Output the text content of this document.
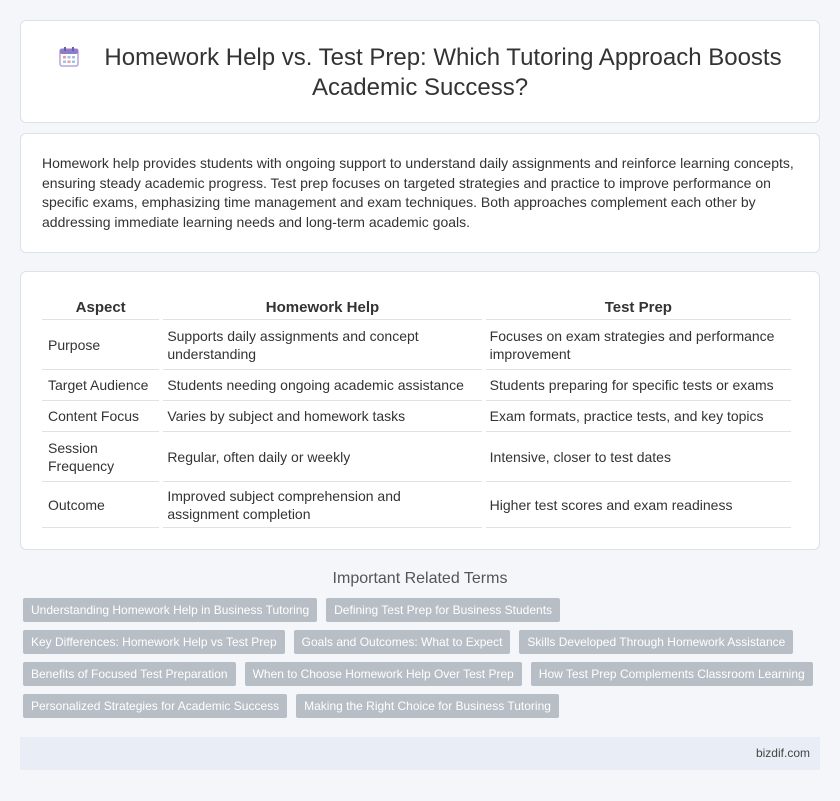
Homework Help vs. Test Prep: Which Tutoring Approach Boosts Academic Success?

Homework help provides students with ongoing support to understand daily assignments and reinforce learning concepts, ensuring steady academic progress. Test prep focuses on targeted strategies and practice to improve performance on specific exams, emphasizing time management and exam techniques. Both approaches complement each other by addressing immediate learning needs and long-term academic goals.

Aspect	Homework Help	Test Prep
Purpose	Supports daily assignments and concept understanding	Focuses on exam strategies and performance improvement
Target Audience	Students needing ongoing academic assistance	Students preparing for specific tests or exams
Content Focus	Varies by subject and homework tasks	Exam formats, practice tests, and key topics
Session Frequency	Regular, often daily or weekly	Intensive, closer to test dates
Outcome	Improved subject comprehension and assignment completion	Higher test scores and exam readiness
Important Related Terms
Understanding Homework Help in Business Tutoring	Defining Test Prep for Business Students
Key Differences: Homework Help vs Test Prep	Goals and Outcomes: What to Expect	Skills Developed Through Homework Assistance
Benefits of Focused Test Preparation	When to Choose Homework Help Over Test Prep	How Test Prep Complements Classroom Learning
Personalized Strategies for Academic Success	Making the Right Choice for Business Tutoring
bizdif.com
